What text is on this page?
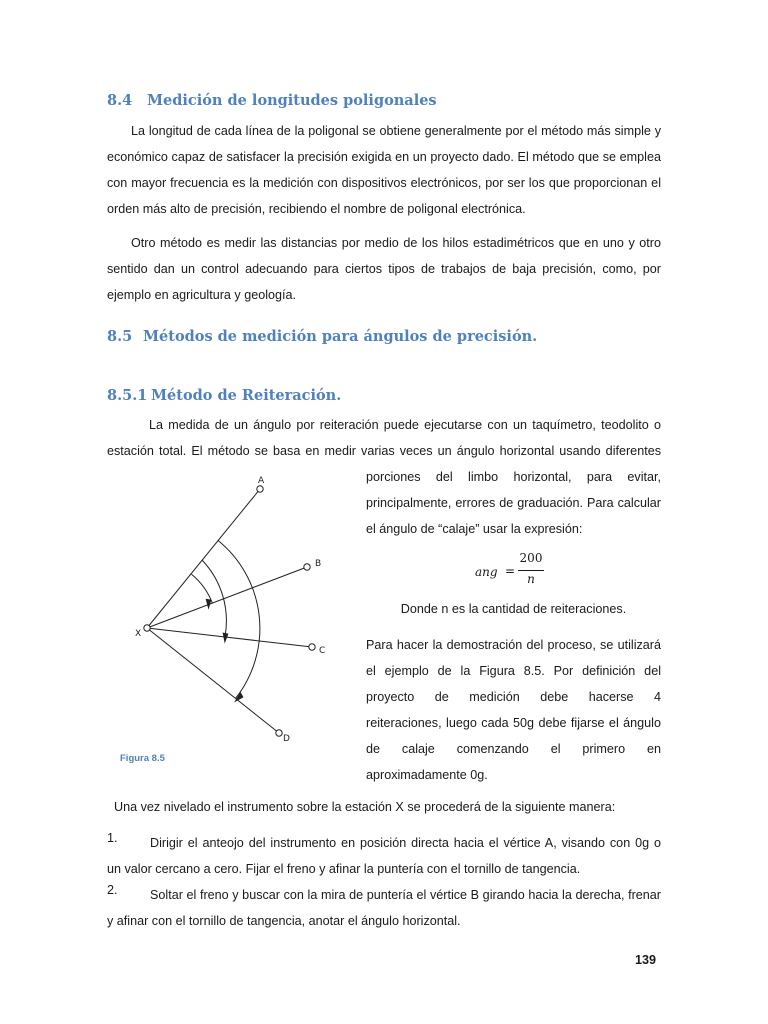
8.4 Medición de longitudes poligonales

La longitud de cada línea de la poligonal se obtiene generalmente por el método más simple y
económico capaz de satisfacer la precisión exigida en un proyecto dado. El método que se emplea
con mayor frecuencia es la medición con dispositivos electrónicos, por ser los que proporcionan el
orden más alto de precisión, recibiendo el nombre de poligonal electrónica.

Otro método es medir las distancias por medio de los hilos estadimétricos que en uno y otro
sentido dan un control adecuando para ciertos tipos de trabajos de baja precisión, como, por
ejemplo en agricultura y geología.

8.5 Métodos de medición para ángulos de precisión.
8.5.1 Método de Reiteración.

La medida de un ángulo por reiteración puede ejecutarse con un taquímetro, teodolito o
estación total. El método se basa en medir varias veces un ángulo horizontal usando diferentes

porciones del limbo horizontal, para evitar,
principalmente, errores de graduación. Para calcular
el ángulo de “calaje” usar la expresión:

ang =
200
n

Donde n es la cantidad de reiteraciones.

Para hacer la demostración del proceso, se utilizará
el ejemplo de la Figura 8.5. Por definición del
proyecto de medición debe hacerse 4
reiteraciones, luego cada 50g debe fijarse el ángulo
de calaje comenzando el primero en
aproximadamente 0g.

X
A
B
C
D
Figura 8.5

Una vez nivelado el instrumento sobre la estación X se procederá de la siguiente manera:

1.	Dirigir el anteojo del instrumento en posición directa hacia el vértice A, visando con 0g o
un valor cercano a cero. Fijar el freno y afinar la puntería con el tornillo de tangencia.

2.	Soltar el freno y buscar con la mira de puntería el vértice B girando hacia la derecha, frenar
y afinar con el tornillo de tangencia, anotar el ángulo horizontal.

139
